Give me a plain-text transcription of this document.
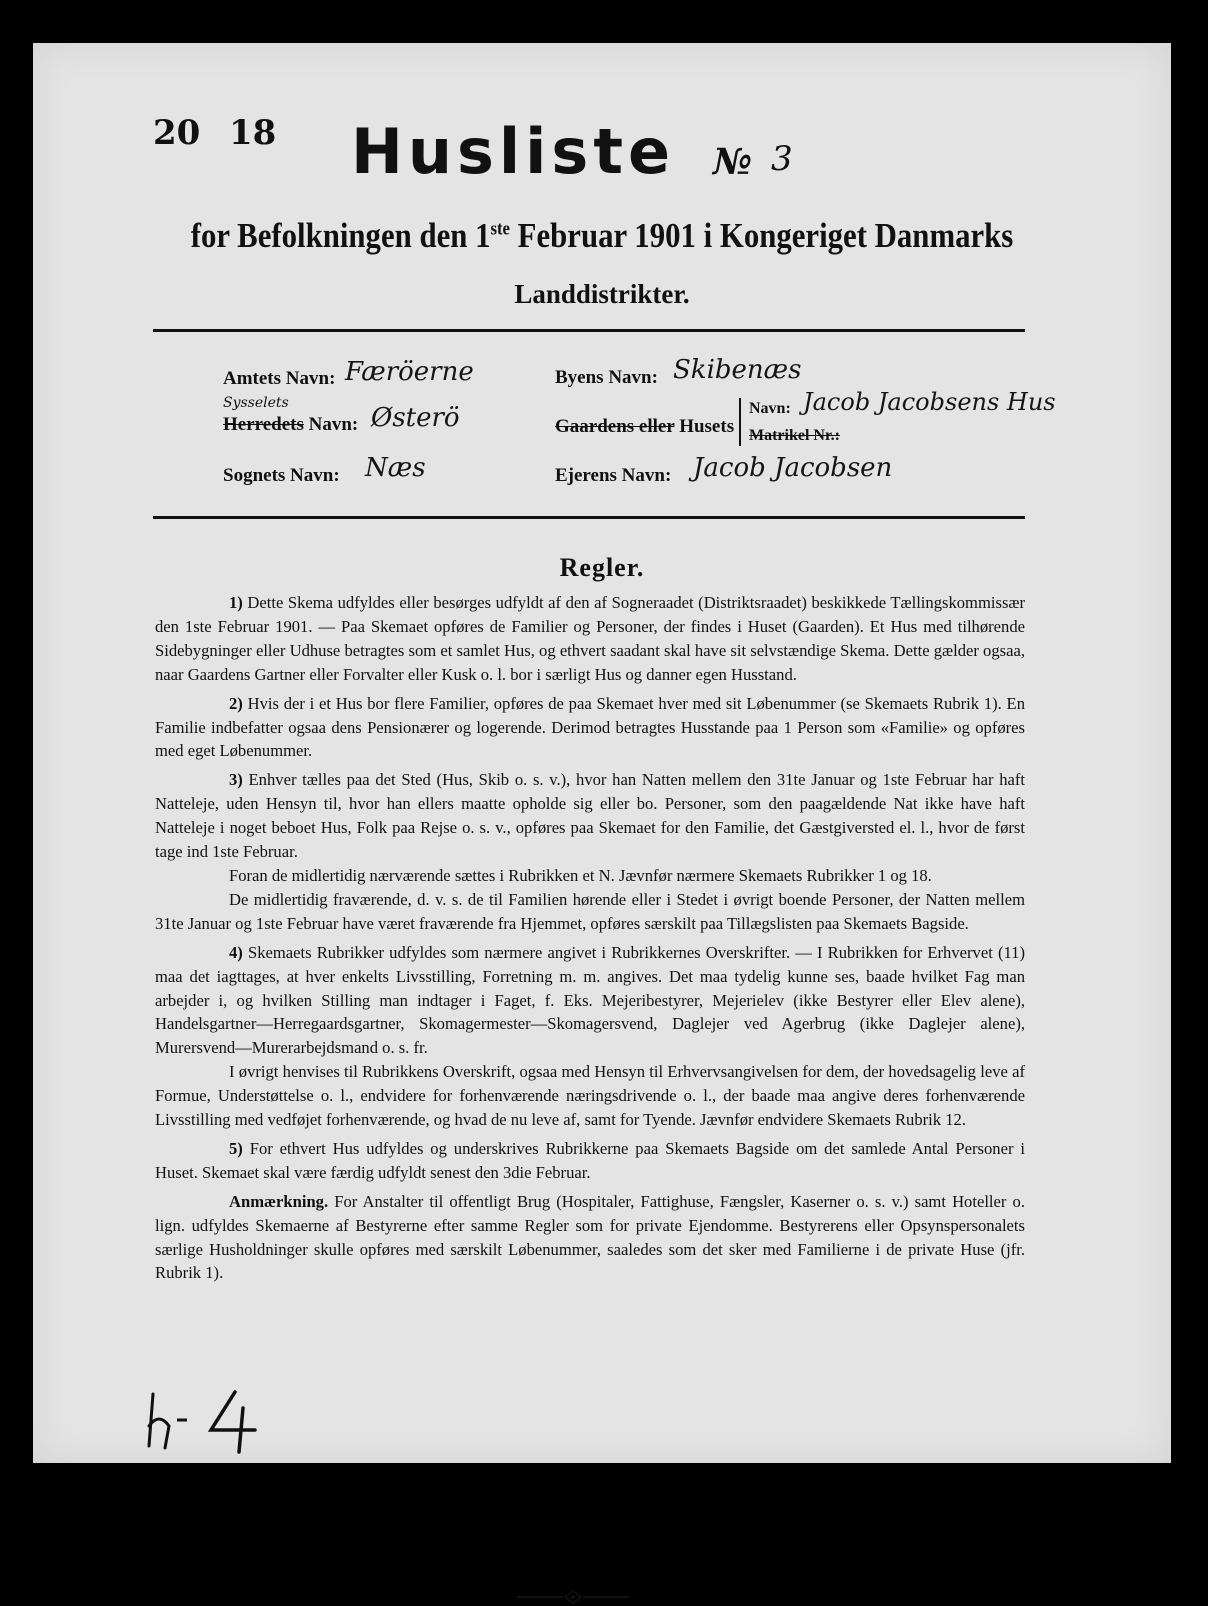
20 18 Husliste № 3
for Befolkningen den 1ste Februar 1901 i Kongeriget Danmarks
Landdistrikter.
Amtets Navn: Færöerne
Sysselets
Herredets Navn: Østerö
Sognets Navn: Næs
Byens Navn: Skibenæs
Gaardens eller Husets
Navn: Jacob Jacobsens Hus
Matrikel Nr.:
Ejerens Navn: Jacob Jacobsen
Regler.

1) Dette Skema udfyldes eller besørges udfyldt af den af Sogneraadet (Distriktsraadet) beskikkede Tællingskommissær den 1ste Februar 1901. — Paa Skemaet opføres de Familier og Personer, der findes i Huset (Gaarden). Et Hus med tilhørende Sidebygninger eller Udhuse betragtes som et samlet Hus, og ethvert saadant skal have sit selvstændige Skema. Dette gælder ogsaa, naar Gaardens Gartner eller Forvalter eller Kusk o. l. bor i særligt Hus og danner egen Husstand.

2) Hvis der i et Hus bor flere Familier, opføres de paa Skemaet hver med sit Løbenummer (se Skemaets Rubrik 1). En Familie indbefatter ogsaa dens Pensionærer og logerende. Derimod betragtes Husstande paa 1 Person som «Familie» og opføres med eget Løbenummer.

3) Enhver tælles paa det Sted (Hus, Skib o. s. v.), hvor han Natten mellem den 31te Januar og 1ste Februar har haft Natteleje, uden Hensyn til, hvor han ellers maatte opholde sig eller bo. Personer, som den paagældende Nat ikke have haft Natteleje i noget beboet Hus, Folk paa Rejse o. s. v., opføres paa Skemaet for den Familie, det Gæstgiversted el. l., hvor de først tage ind 1ste Februar.

Foran de midlertidig nærværende sættes i Rubrikken et N. Jævnfør nærmere Skemaets Rubrikker 1 og 18.

De midlertidig fraværende, d. v. s. de til Familien hørende eller i Stedet i øvrigt boende Personer, der Natten mellem 31te Januar og 1ste Februar have været fraværende fra Hjemmet, opføres særskilt paa Tillægslisten paa Skemaets Bagside.

4) Skemaets Rubrikker udfyldes som nærmere angivet i Rubrikkernes Overskrifter. — I Rubrikken for Erhvervet (11) maa det iagttages, at hver enkelts Livsstilling, Forretning m. m. angives. Det maa tydelig kunne ses, baade hvilket Fag man arbejder i, og hvilken Stilling man indtager i Faget, f. Eks. Mejeribestyrer, Mejerielev (ikke Bestyrer eller Elev alene), Handelsgartner—Herregaardsgartner, Skomagermester—Skomagersvend, Daglejer ved Agerbrug (ikke Daglejer alene), Murersvend—Murerarbejdsmand o. s. fr.

I øvrigt henvises til Rubrikkens Overskrift, ogsaa med Hensyn til Erhvervsangivelsen for dem, der hovedsagelig leve af Formue, Understøttelse o. l., endvidere for forhenværende næringsdrivende o. l., der baade maa angive deres forhenværende Livsstilling med vedføjet forhenværende, og hvad de nu leve af, samt for Tyende. Jævnfør endvidere Skemaets Rubrik 12.

5) For ethvert Hus udfyldes og underskrives Rubrikkerne paa Skemaets Bagside om det samlede Antal Personer i Huset. Skemaet skal være færdig udfyldt senest den 3die Februar.

Anmærkning. For Anstalter til offentligt Brug (Hospitaler, Fattighuse, Fængsler, Kaserner o. s. v.) samt Hoteller o. lign. udfyldes Skemaerne af Bestyrerne efter samme Regler som for private Ejendomme. Bestyrerens eller Opsynspersonalets særlige Husholdninger skulle opføres med særskilt Løbenummer, saaledes som det sker med Familierne i de private Huse (jfr. Rubrik 1).
